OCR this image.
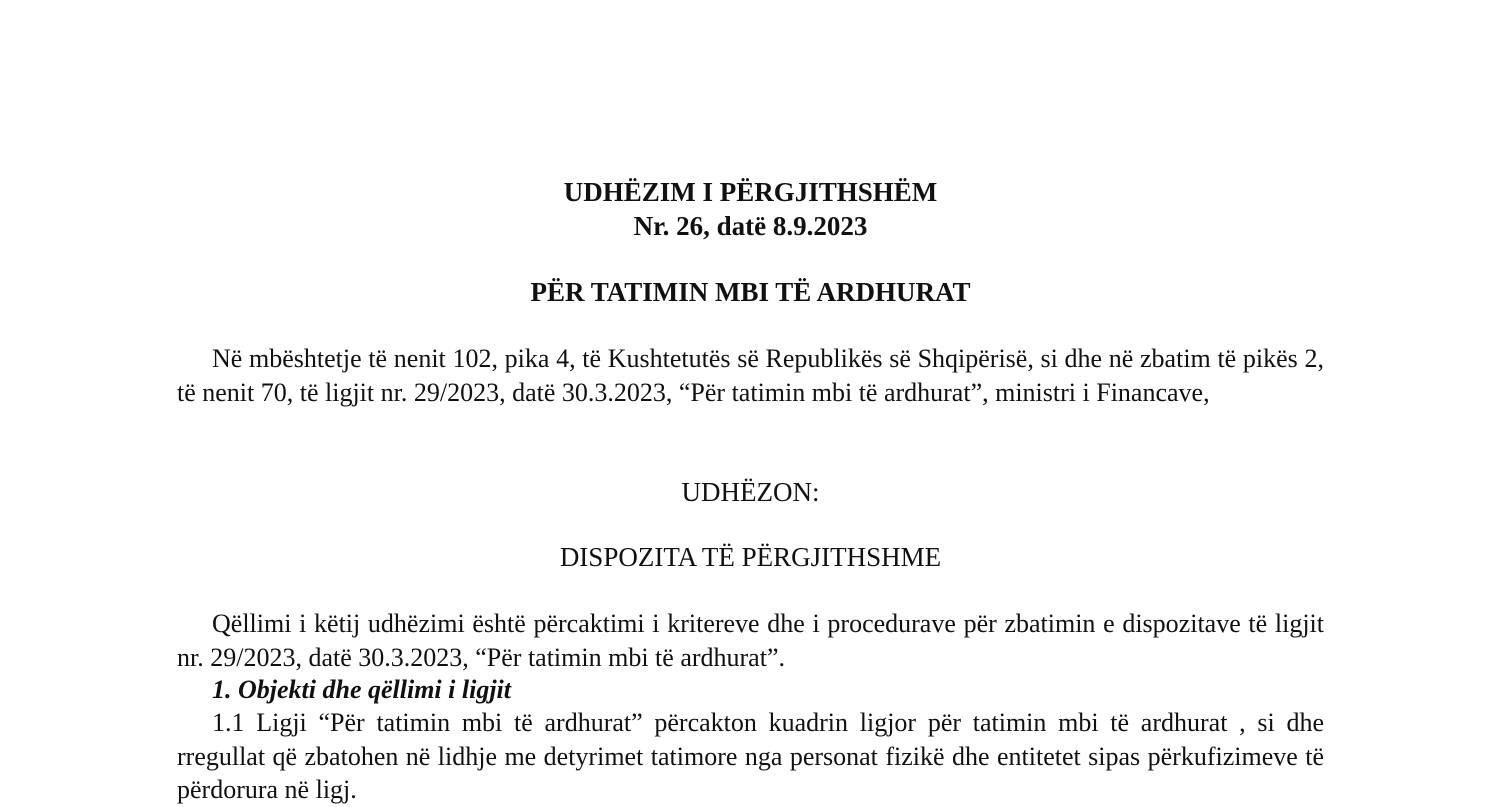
UDHËZIM I PËRGJITHSHËM
Nr. 26, datë 8.9.2023
PËR TATIMIN MBI TË ARDHURAT

Në mbështetje të nenit 102, pika 4, të Kushtetutës së Republikës së Shqipërisë, si dhe në zbatim të pikës 2, të nenit 70, të ligjit nr. 29/2023, datë 30.3.2023, “Për tatimin mbi të ardhurat”, ministri i Financave,

UDHËZON:
DISPOZITA TË PËRGJITHSHME

Qëllimi i këtij udhëzimi është përcaktimi i kritereve dhe i procedurave për zbatimin e dispozitave të ligjit nr. 29/2023, datë 30.3.2023, “Për tatimin mbi të ardhurat”.

1. Objekti dhe qëllimi i ligjit

1.1 Ligji “Për tatimin mbi të ardhurat” përcakton kuadrin ligjor për tatimin mbi të ardhurat , si dhe rregullat që zbatohen në lidhje me detyrimet tatimore nga personat fizikë dhe entitetet sipas përkufizimeve të përdorura në ligj.
